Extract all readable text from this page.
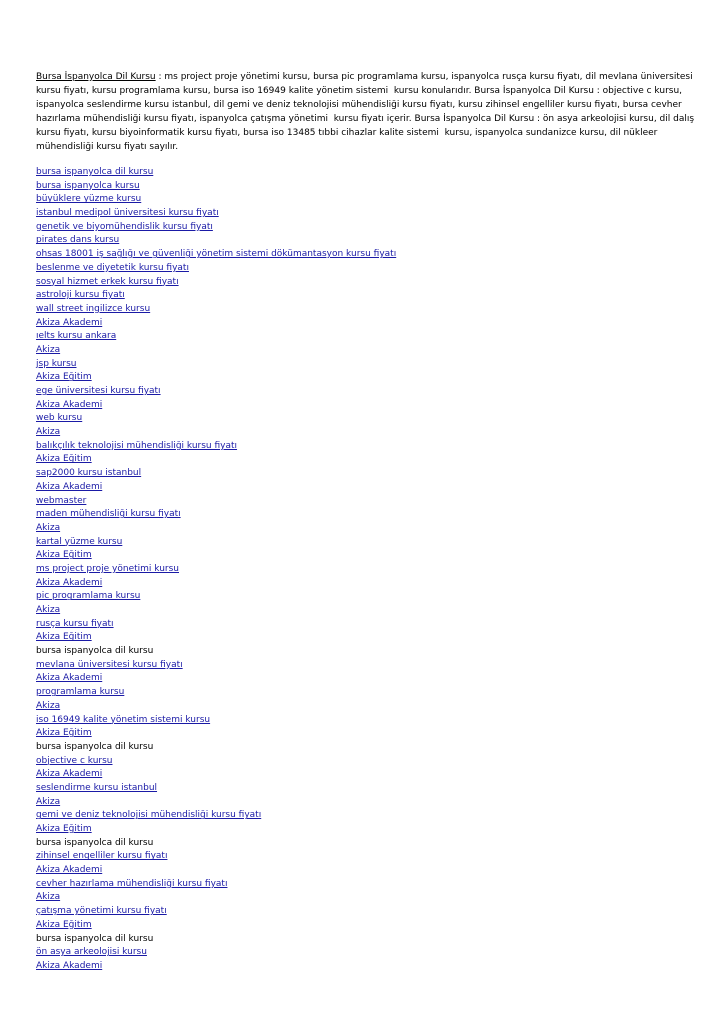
Bursa İspanyolca Dil Kursu : ms project proje yönetimi kursu, bursa pic programlama kursu, ispanyolca rusça kursu fiyatı, dil mevlana üniversitesi kursu fiyatı, kursu programlama kursu, bursa iso 16949 kalite yönetim sistemi  kursu konularıdır. Bursa İspanyolca Dil Kursu : objective c kursu, ispanyolca seslendirme kursu istanbul, dil gemi ve deniz teknolojisi mühendisliği kursu fiyatı, kursu zihinsel engelliler kursu fiyatı, bursa cevher hazırlama mühendisliği kursu fiyatı, ispanyolca çatışma yönetimi  kursu fiyatı içerir. Bursa İspanyolca Dil Kursu : ön asya arkeolojisi kursu, dil dalış kursu fiyatı, kursu biyoinformatik kursu fiyatı, bursa iso 13485 tıbbi cihazlar kalite sistemi  kursu, ispanyolca sundanizce kursu, dil nükleer mühendisliği kursu fiyatı sayılır.

bursa ispanyolca dil kursu
bursa ispanyolca kursu
büyüklere yüzme kursu
istanbul medipol üniversitesi kursu fiyatı
genetik ve biyomühendislik kursu fiyatı
pirates dans kursu
ohsas 18001 iş sağlığı ve güvenliği yönetim sistemi dökümantasyon kursu fiyatı
beslenme ve diyetetik kursu fiyatı
sosyal hizmet erkek kursu fiyatı
astroloji kursu fiyatı
wall street ingilizce kursu
Akiza Akademi
ıelts kursu ankara
Akiza
jsp kursu
Akiza Eğitim
ege üniversitesi kursu fiyatı
Akiza Akademi
web kursu
Akiza
balıkçılık teknolojisi mühendisliği kursu fiyatı
Akiza Eğitim
sap2000 kursu istanbul
Akiza Akademi
webmaster
maden mühendisliği kursu fiyatı
Akiza
kartal yüzme kursu
Akiza Eğitim
ms project proje yönetimi kursu
Akiza Akademi
pic programlama kursu
Akiza
rusça kursu fiyatı
Akiza Eğitim
bursa ispanyolca dil kursu
mevlana üniversitesi kursu fiyatı
Akiza Akademi
programlama kursu
Akiza
iso 16949 kalite yönetim sistemi kursu
Akiza Eğitim
bursa ispanyolca dil kursu
objective c kursu
Akiza Akademi
seslendirme kursu istanbul
Akiza
gemi ve deniz teknolojisi mühendisliği kursu fiyatı
Akiza Eğitim
bursa ispanyolca dil kursu
zihinsel engelliler kursu fiyatı
Akiza Akademi
cevher hazırlama mühendisliği kursu fiyatı
Akiza
çatışma yönetimi kursu fiyatı
Akiza Eğitim
bursa ispanyolca dil kursu
ön asya arkeolojisi kursu
Akiza Akademi
